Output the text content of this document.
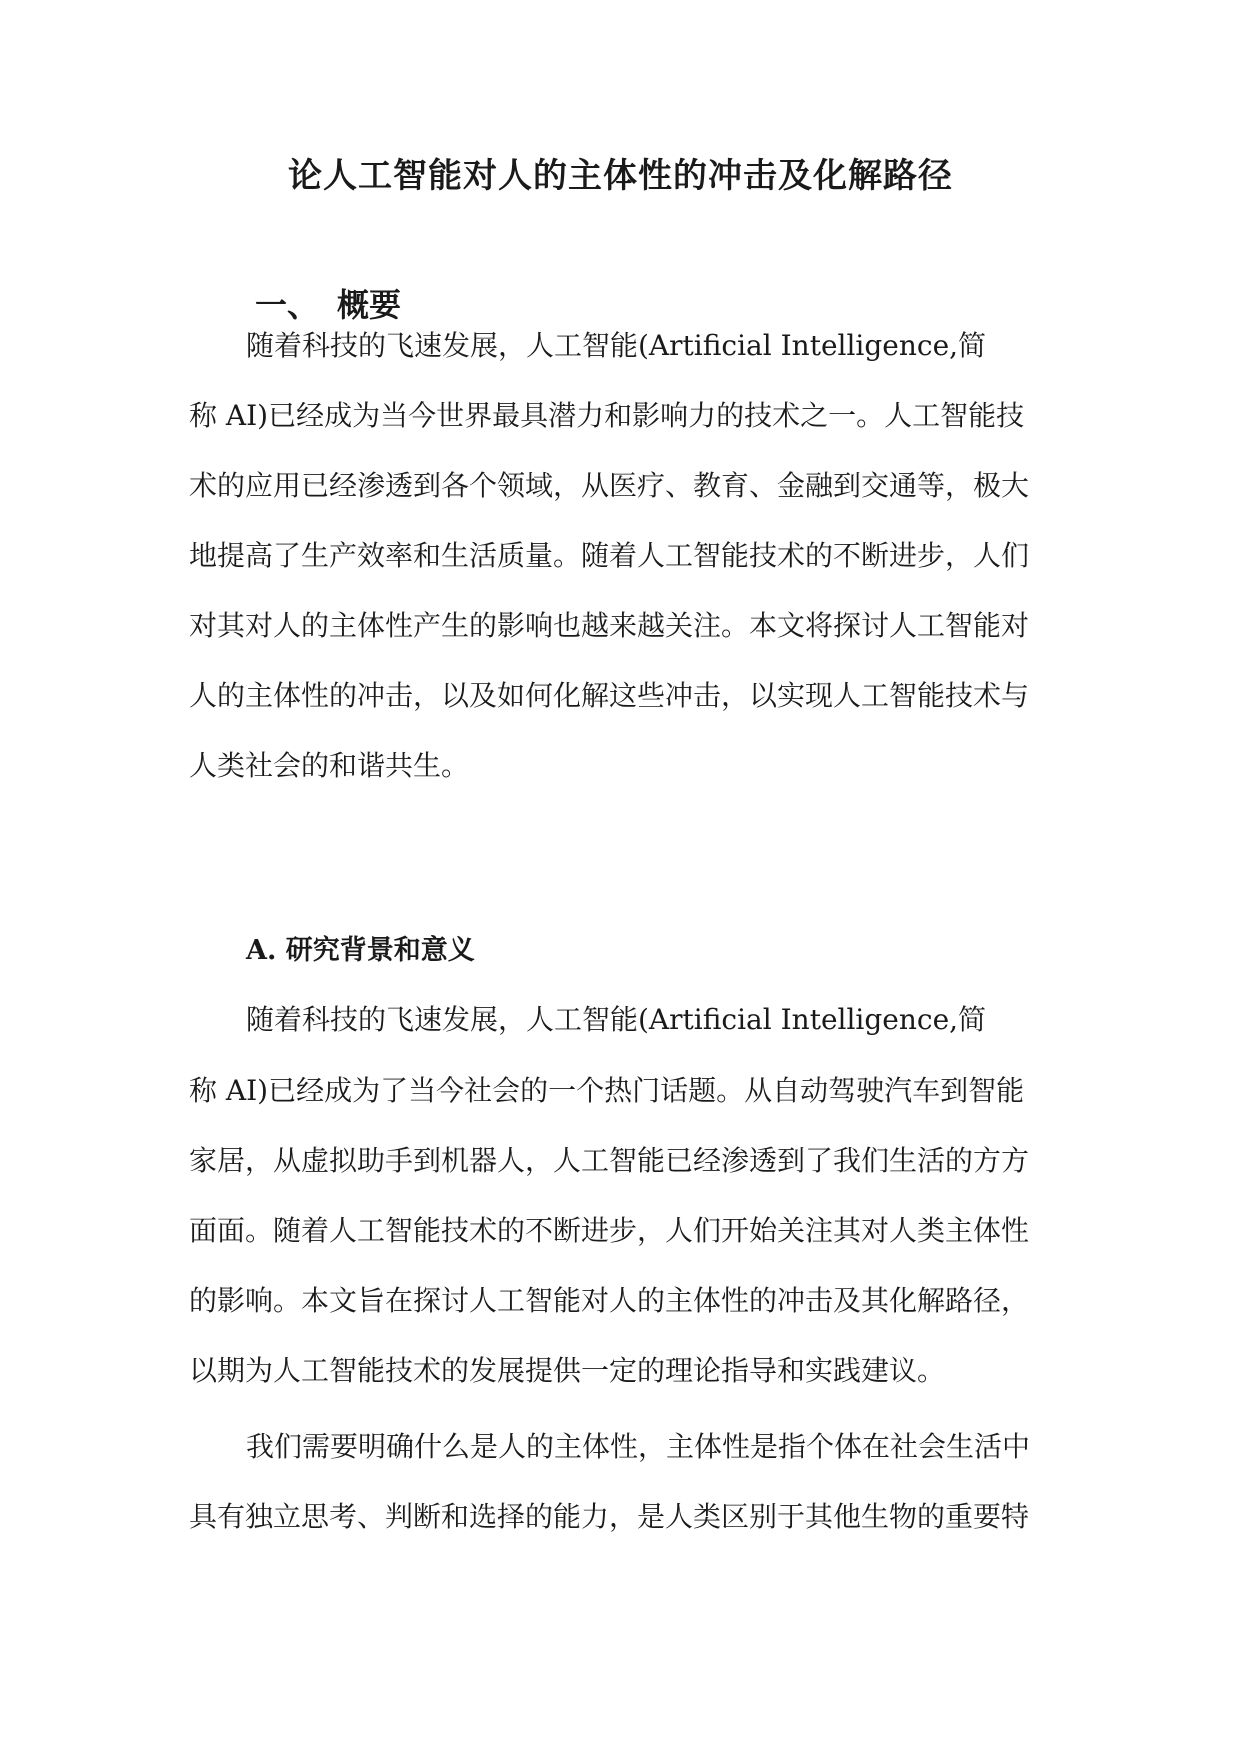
论人工智能对人的主体性的冲击及化解路径
一、 概要
随着科技的飞速发展，人工智能(Artificial Intelligence,简
称 AI)已经成为当今世界最具潜力和影响力的技术之一。人工智能技
术的应用已经渗透到各个领域，从医疗、教育、金融到交通等，极大
地提高了生产效率和生活质量。随着人工智能技术的不断进步，人们
对其对人的主体性产生的影响也越来越关注。本文将探讨人工智能对
人的主体性的冲击，以及如何化解这些冲击，以实现人工智能技术与
人类社会的和谐共生。
A. 研究背景和意义
随着科技的飞速发展，人工智能(Artificial Intelligence,简
称 AI)已经成为了当今社会的一个热门话题。从自动驾驶汽车到智能
家居，从虚拟助手到机器人，人工智能已经渗透到了我们生活的方方
面面。随着人工智能技术的不断进步，人们开始关注其对人类主体性
的影响。本文旨在探讨人工智能对人的主体性的冲击及其化解路径，
以期为人工智能技术的发展提供一定的理论指导和实践建议。
我们需要明确什么是人的主体性，主体性是指个体在社会生活中
具有独立思考、判断和选择的能力，是人类区别于其他生物的重要特
